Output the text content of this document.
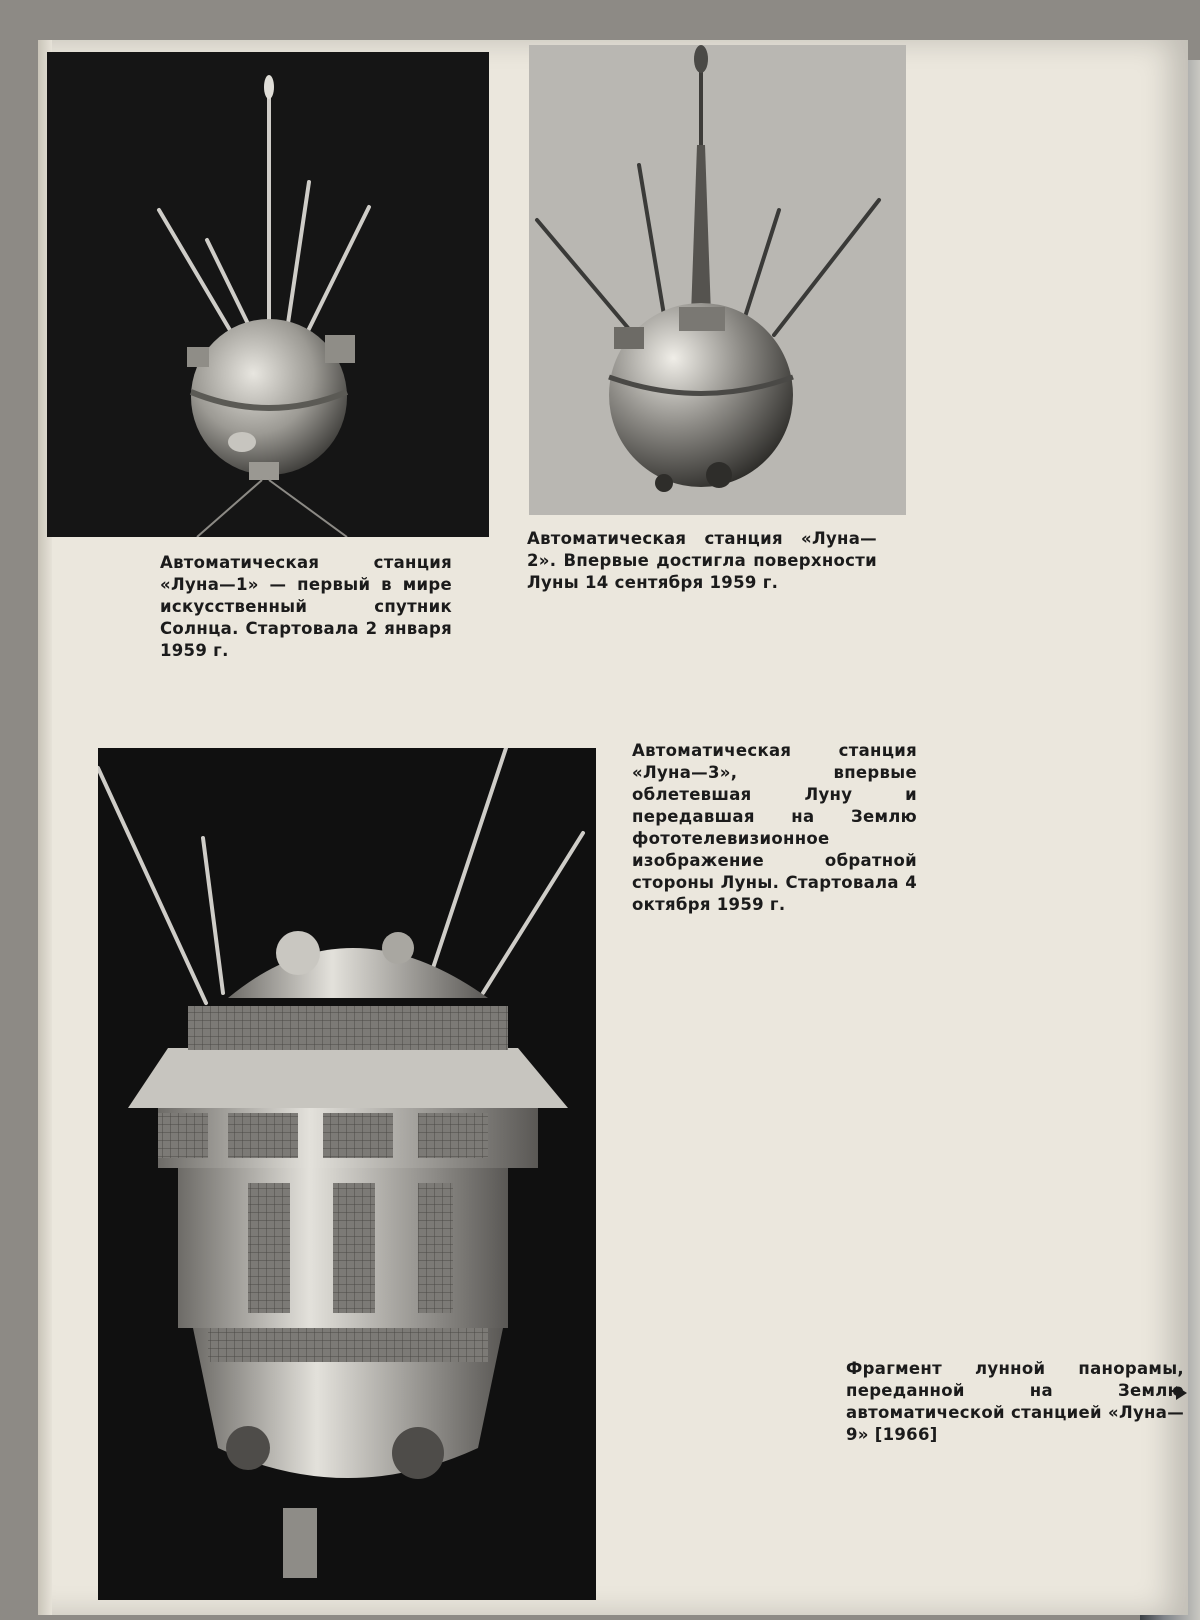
Автоматическая станция «Луна—1» — первый в мире искусственный спутник Солнца. Стартовала 2 января 1959 г.
Автоматическая станция «Луна—2». Впервые достигла поверхности Луны 14 сентября 1959 г.
Автоматическая станция «Луна—3», впервые облетевшая Луну и передавшая на Землю фототелевизионное изображение обратной стороны Луны. Стартовала 4 октября 1959 г.
Фрагмент лунной панорамы, переданной на Землю автоматической станцией «Луна—9» [1966]
